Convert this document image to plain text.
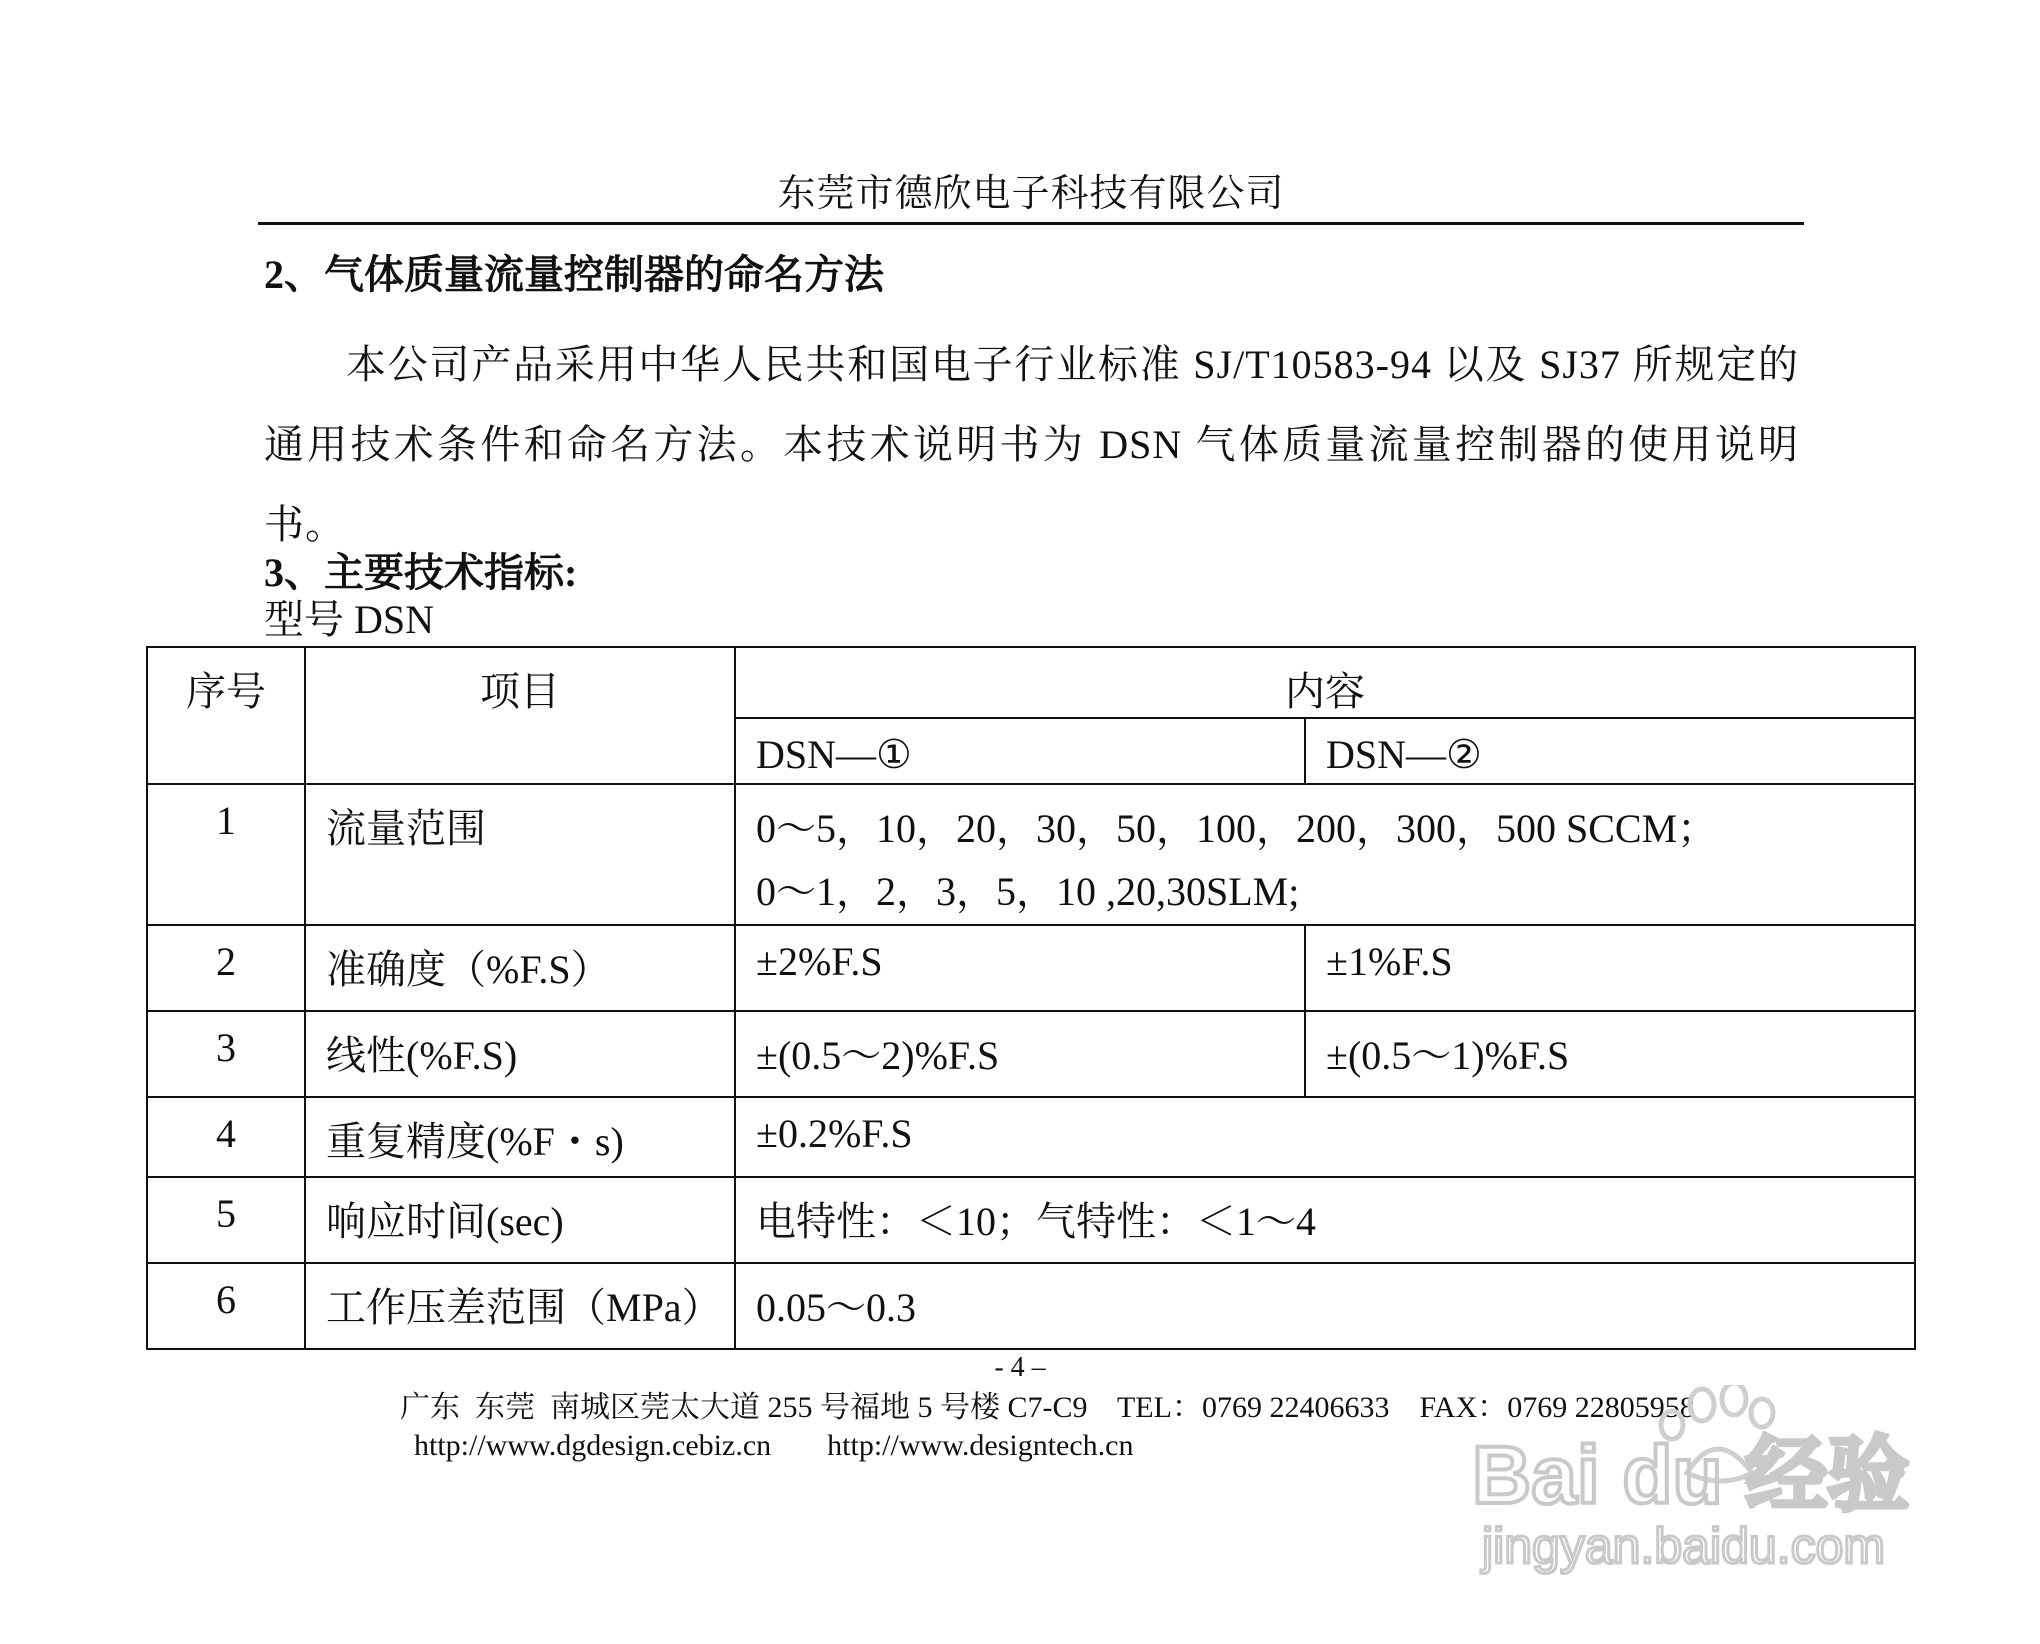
东莞市德欣电子科技有限公司
2、气体质量流量控制器的命名方法
本公司产品采用中华人民共和国电子行业标准 SJ/T10583-94 以及 SJ37 所规定的通用技术条件和命名方法。本技术说明书为 DSN 气体质量流量控制器的使用说明书。
3、主要技术指标:
型号 DSN
序号	项目	内容	
		DSN—①	DSN—②
1	流量范围	0～5，10，20，30，50，100，200，300，500 SCCM；
0～1，2，3，5，10 ,20,30SLM;	

2	准确度（%F.S）	±2%F.S	±1%F.S
3	线性(%F.S)	±(0.5～2)%F.S	±(0.5～1)%F.S
4	重复精度(%F・s)	±0.2%F.S	
5	响应时间(sec)	电特性：＜10；气特性：＜1～4	
6	工作压差范围（MPa）	0.05～0.3	
- 4 –
广东  东莞  南城区莞太大道 255 号福地 5 号楼 C7-C9    TEL：0769 22406633    FAX：0769 22805958
http://www.dgdesign.cebiz.cn http://www.designtech.cn	Bai du 经验
jingyan.baidu.com
